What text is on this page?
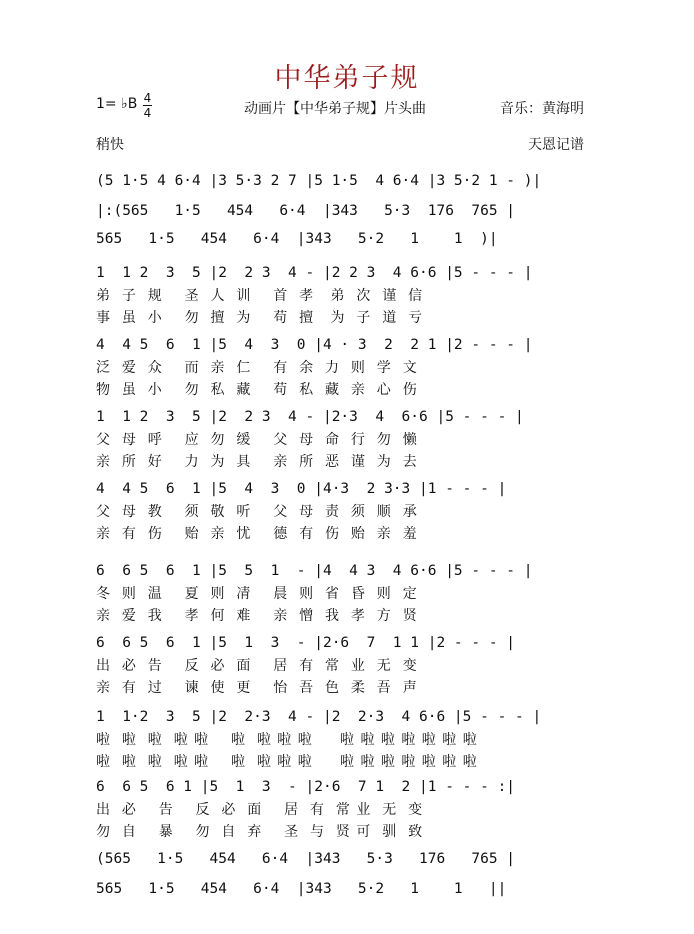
中华弟子规
1= ♭B 4
4	动画片【中华弟子规】片头曲	音乐：黄海明
稍快	天恩记谱
(5 1·5 4 6·4 |3 5·3 2 7 |5 1·5  4 6·4 |3 5·2 1 - )|
|:(565   1·5   454   6·4  |343   5·3  176  765 |
565   1·5   454   6·4  |343   5·2   1    1  )|
1  1 2  3  5 |2  2 3  4 - |2 2 3  4 6·6 |5 - - - |
弟  子  规    圣  人  训    首  孝   弟  次  谨  信
事  虽  小    勿  擅  为    苟  擅   为  子  道  亏
4  4 5  6  1 |5  4  3  0 |4 · 3  2  2 1 |2 - - - |
泛  爱  众    而  亲  仁    有  余  力  则  学  文
物  虽  小    勿  私  藏    苟  私  藏  亲  心  伤
1  1 2  3  5 |2  2 3  4 - |2·3  4  6·6 |5 - - - |
父  母  呼    应  勿  缓    父  母  命  行  勿  懒
亲  所  好    力  为  具    亲  所  恶  谨  为  去
4  4 5  6  1 |5  4  3  0 |4·3  2 3·3 |1 - - - |
父  母  教    须  敬  听    父  母  责  须  顺  承
亲  有  伤    贻  亲  忧    德  有  伤  贻  亲  羞
6  6 5  6  1 |5  5  1  - |4  4 3  4 6·6 |5 - - - |
冬  则  温    夏  则  凊    晨  则  省  昏  则  定
亲  爱  我    孝  何  难    亲  憎  我  孝  方  贤
6  6 5  6  1 |5  1  3  - |2·6  7  1 1 |2 - - - |
出  必  告    反  必  面    居  有  常  业  无  变
亲  有  过    谏  使  更    怡  吾  色  柔  吾  声
1  1·2  3  5 |2  2·3  4 - |2  2·3  4 6·6 |5 - - - |
啦  啦  啦  啦 啦    啦  啦 啦 啦     啦 啦 啦 啦 啦 啦 啦
啦  啦  啦  啦 啦    啦  啦 啦 啦     啦 啦 啦 啦 啦 啦 啦
6  6 5  6 1 |5  1  3  - |2·6  7 1  2 |1 - - - :|
出  必    告    反  必  面    居  有  常 业  无  变
勿  自    暴    勿  自  弃    圣  与  贤 可  驯  致
(565   1·5   454   6·4  |343   5·3   176   765 |
565   1·5   454   6·4  |343   5·2   1    1   ||
